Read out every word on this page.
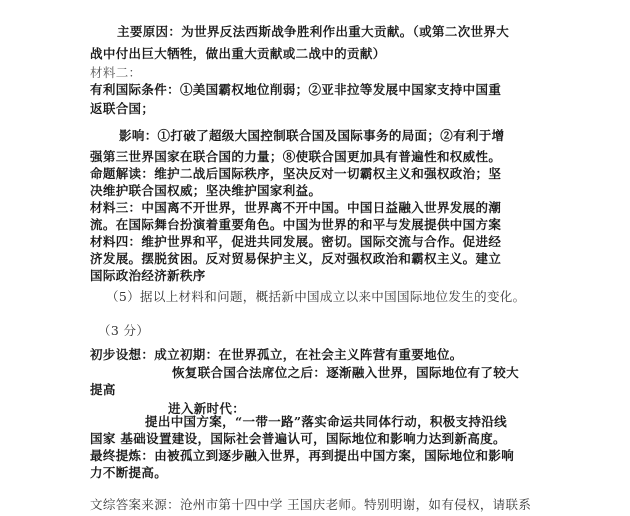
主要原因：为世界反法西斯战争胜利作出重大贡献。（或第二次世界大
战中付出巨大牺牲，做出重大贡献或二战中的贡献）
材料二：
有利国际条件：①美国霸权地位削弱；②亚非拉等发展中国家支持中国重
返联合国；
影响：①打破了超级大国控制联合国及国际事务的局面；②有利于增
强第三世界国家在联合国的力量；⑧使联合国更加具有普遍性和权威性。
命题解读：维护二战后国际秩序，坚决反对一切霸权主义和强权政治；坚
决维护联合国权威；坚决维护国家利益。
材料三：中国离不开世界，世界离不开中国。中国日益融入世界发展的潮
流。在国际舞台扮演着重要角色。中国为世界的和平与发展提供中国方案
材料四：维护世界和平，促进共同发展。密切。国际交流与合作。促进经
济发展。摆脱贫困。反对贸易保护主义，反对强权政治和霸权主义。建立
国际政治经济新秩序
（5）据以上材料和问题，概括新中国成立以来中国国际地位发生的变化。
（3 分）
初步设想：成立初期：在世界孤立，在社会主义阵营有重要地位。
恢复联合国合法席位之后：逐渐融入世界，国际地位有了较大
提高
进入新时代：
提出中国方案，“一带一路”落实命运共同体行动，积极支持沿线
国家 基础设置建设，国际社会普遍认可，国际地位和影响力达到新高度。
最终提炼：由被孤立到逐步融入世界，再到提出中国方案，国际地位和影响
力不断提高。
文综答案来源：沧州市第十四中学 王国庆老师。特别明谢，如有侵权，请联系
